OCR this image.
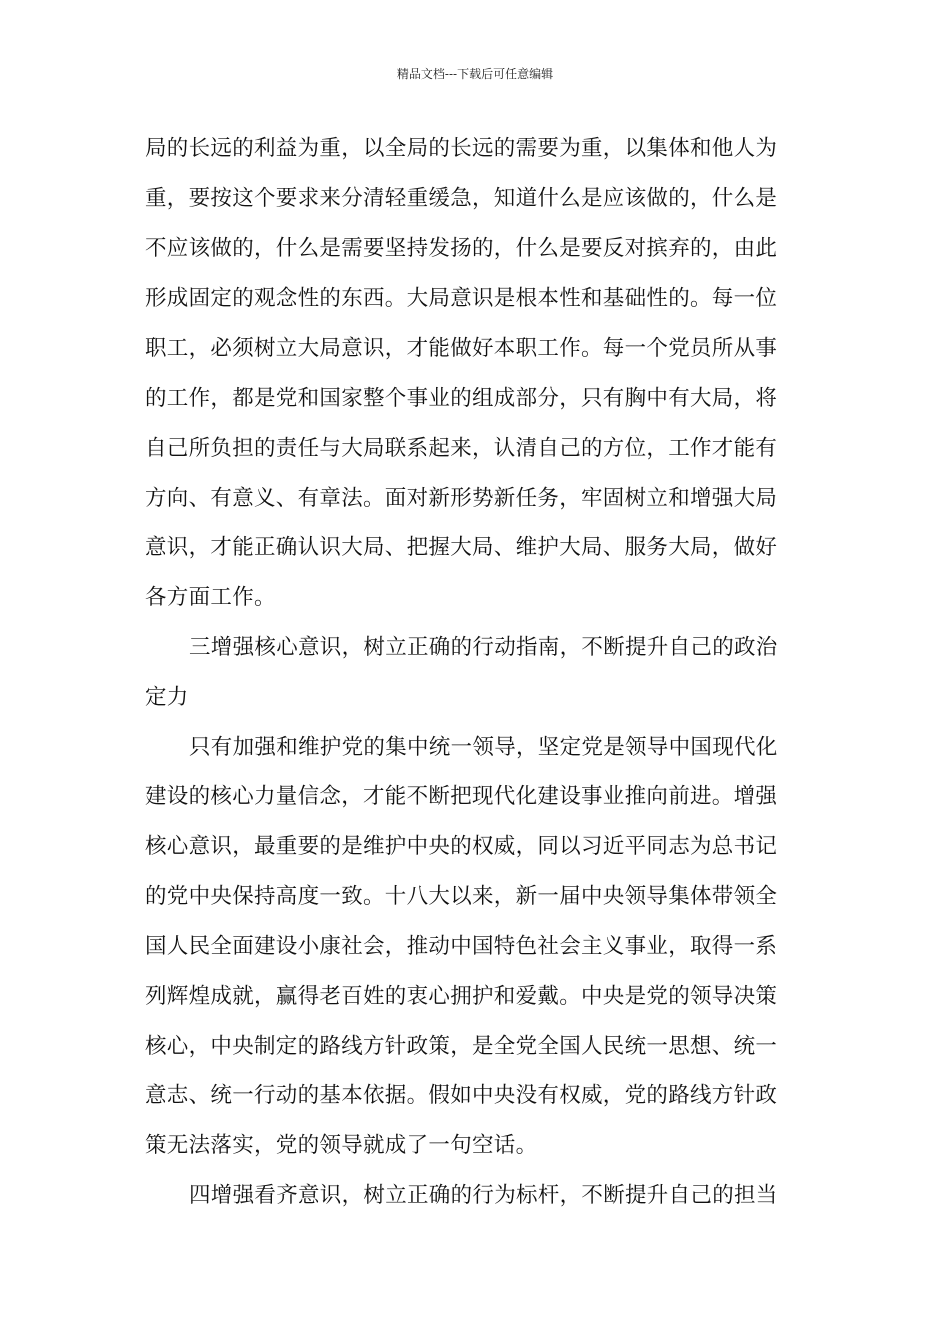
精品文档---下载后可任意编辑
局的长远的利益为重，以全局的长远的需要为重，以集体和他人为
重，要按这个要求来分清轻重缓急，知道什么是应该做的，什么是
不应该做的，什么是需要坚持发扬的，什么是要反对摈弃的，由此
形成固定的观念性的东西。大局意识是根本性和基础性的。每一位
职工，必须树立大局意识，才能做好本职工作。每一个党员所从事
的工作，都是党和国家整个事业的组成部分，只有胸中有大局，将
自己所负担的责任与大局联系起来，认清自己的方位，工作才能有
方向、有意义、有章法。面对新形势新任务，牢固树立和增强大局
意识，才能正确认识大局、把握大局、维护大局、服务大局，做好
各方面工作。
三增强核心意识，树立正确的行动指南，不断提升自己的政治
定力
只有加强和维护党的集中统一领导，坚定党是领导中国现代化
建设的核心力量信念，才能不断把现代化建设事业推向前进。增强
核心意识，最重要的是维护中央的权威，同以习近平同志为总书记
的党中央保持高度一致。十八大以来，新一届中央领导集体带领全
国人民全面建设小康社会，推动中国特色社会主义事业，取得一系
列辉煌成就，赢得老百姓的衷心拥护和爱戴。中央是党的领导决策
核心，中央制定的路线方针政策，是全党全国人民统一思想、统一
意志、统一行动的基本依据。假如中央没有权威，党的路线方针政
策无法落实，党的领导就成了一句空话。
四增强看齐意识，树立正确的行为标杆，不断提升自己的担当
